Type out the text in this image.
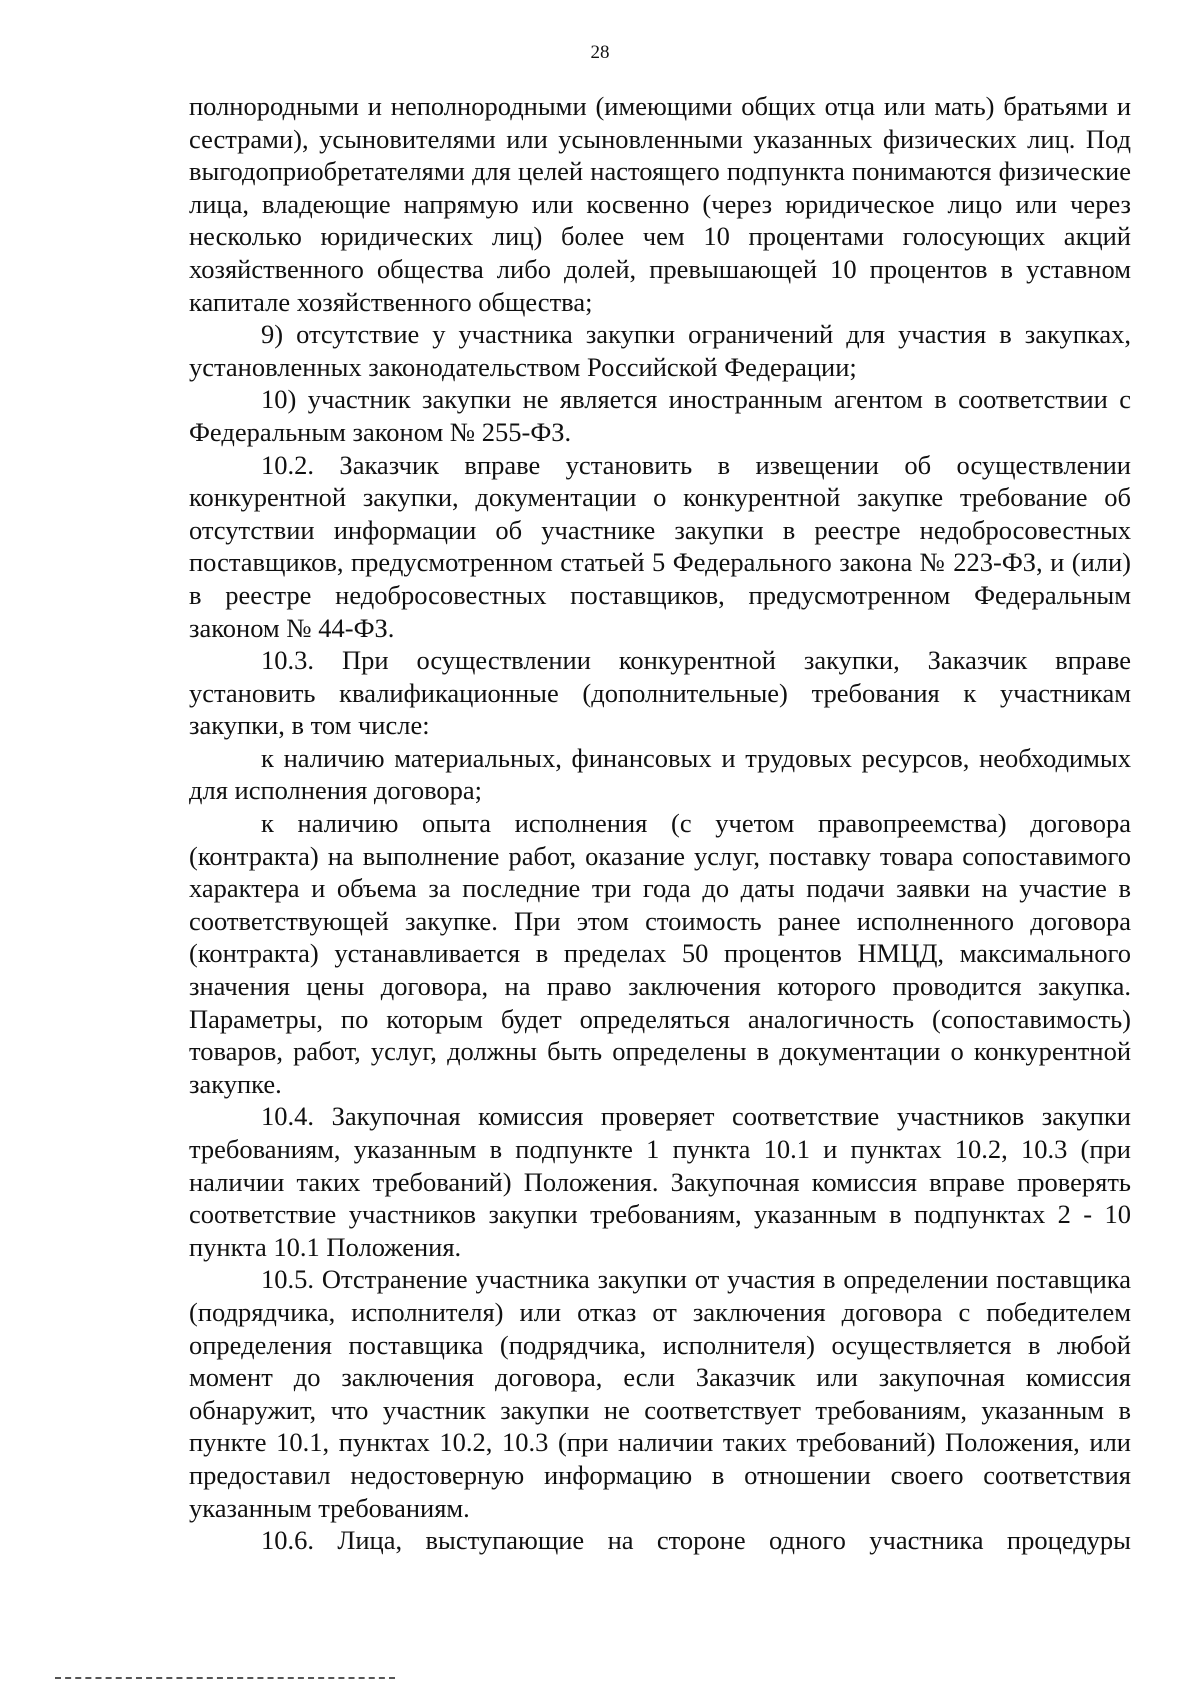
28

полнородными и неполнородными (имеющими общих отца или мать) братьями и сестрами), усыновителями или усыновленными указанных физических лиц. Под выгодоприобретателями для целей настоящего подпункта понимаются физические лица, владеющие напрямую или косвенно (через юридическое лицо или через несколько юридических лиц) более чем 10 процентами голосующих акций хозяйственного общества либо долей, превышающей 10 процентов в уставном капитале хозяйственного общества;

9) отсутствие у участника закупки ограничений для участия в закупках, установленных законодательством Российской Федерации;

10) участник закупки не является иностранным агентом в соответствии с Федеральным законом № 255-ФЗ.

10.2. Заказчик вправе установить в извещении об осуществлении конкурентной закупки, документации о конкурентной закупке требование об отсутствии информации об участнике закупки в реестре недобросовестных поставщиков, предусмотренном статьей 5 Федерального закона № 223-ФЗ, и (или) в реестре недобросовестных поставщиков, предусмотренном Федеральным законом № 44-ФЗ.

10.3. При осуществлении конкурентной закупки, Заказчик вправе установить квалификационные (дополнительные) требования к участникам закупки, в том числе:

к наличию материальных, финансовых и трудовых ресурсов, необходимых для исполнения договора;

к наличию опыта исполнения (с учетом правопреемства) договора (контракта) на выполнение работ, оказание услуг, поставку товара сопоставимого характера и объема за последние три года до даты подачи заявки на участие в соответствующей закупке. При этом стоимость ранее исполненного договора (контракта) устанавливается в пределах 50 процентов НМЦД, максимального значения цены договора, на право заключения которого проводится закупка. Параметры, по которым будет определяться аналогичность (сопоставимость) товаров, работ, услуг, должны быть определены в документации о конкурентной закупке.

10.4. Закупочная комиссия проверяет соответствие участников закупки требованиям, указанным в подпункте 1 пункта 10.1 и пунктах 10.2, 10.3 (при наличии таких требований) Положения. Закупочная комиссия вправе проверять соответствие участников закупки требованиям, указанным в подпунктах 2 - 10 пункта 10.1 Положения.

10.5. Отстранение участника закупки от участия в определении поставщика (подрядчика, исполнителя) или отказ от заключения договора с победителем определения поставщика (подрядчика, исполнителя) осуществляется в любой момент до заключения договора, если Заказчик или закупочная комиссия обнаружит, что участник закупки не соответствует требованиям, указанным в пункте 10.1, пунктах 10.2, 10.3 (при наличии таких требований) Положения, или предоставил недостоверную информацию в отношении своего соответствия указанным требованиям.

10.6. Лица, выступающие на стороне одного участника процедуры
